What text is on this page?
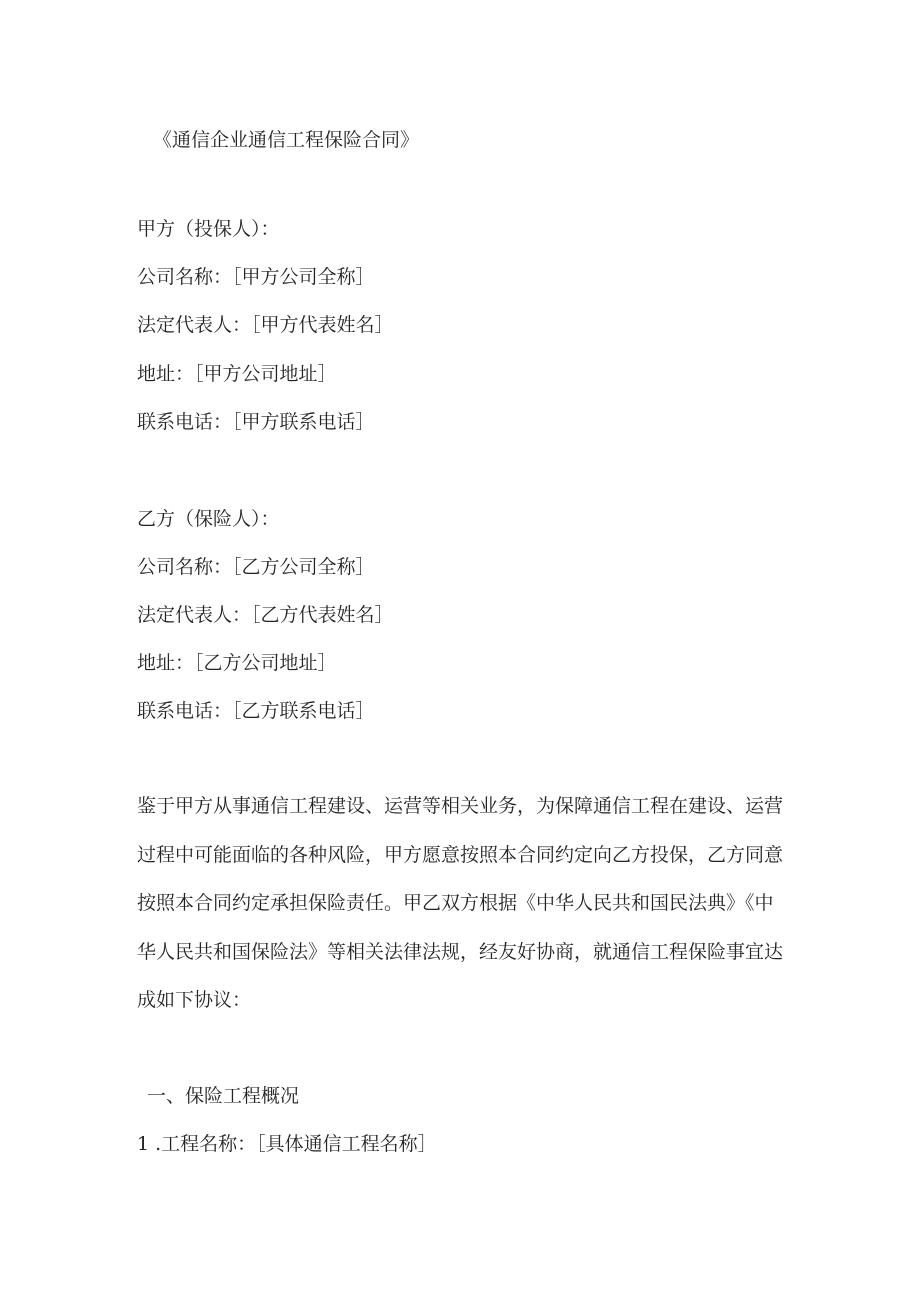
《通信企业通信工程保险合同》
甲方（投保人）：
公司名称：［甲方公司全称］
法定代表人：［甲方代表姓名］
地址：［甲方公司地址］
联系电话：［甲方联系电话］
乙方（保险人）：
公司名称：［乙方公司全称］
法定代表人：［乙方代表姓名］
地址：［乙方公司地址］
联系电话：［乙方联系电话］
鉴于甲方从事通信工程建设、运营等相关业务，为保障通信工程在建设、运营
过程中可能面临的各种风险，甲方愿意按照本合同约定向乙方投保，乙方同意
按照本合同约定承担保险责任。甲乙双方根据《中华人民共和国民法典》《中
华人民共和国保险法》等相关法律法规，经友好协商，就通信工程保险事宜达
成如下协议：
一、保险工程概况
1 .工程名称：［具体通信工程名称］
